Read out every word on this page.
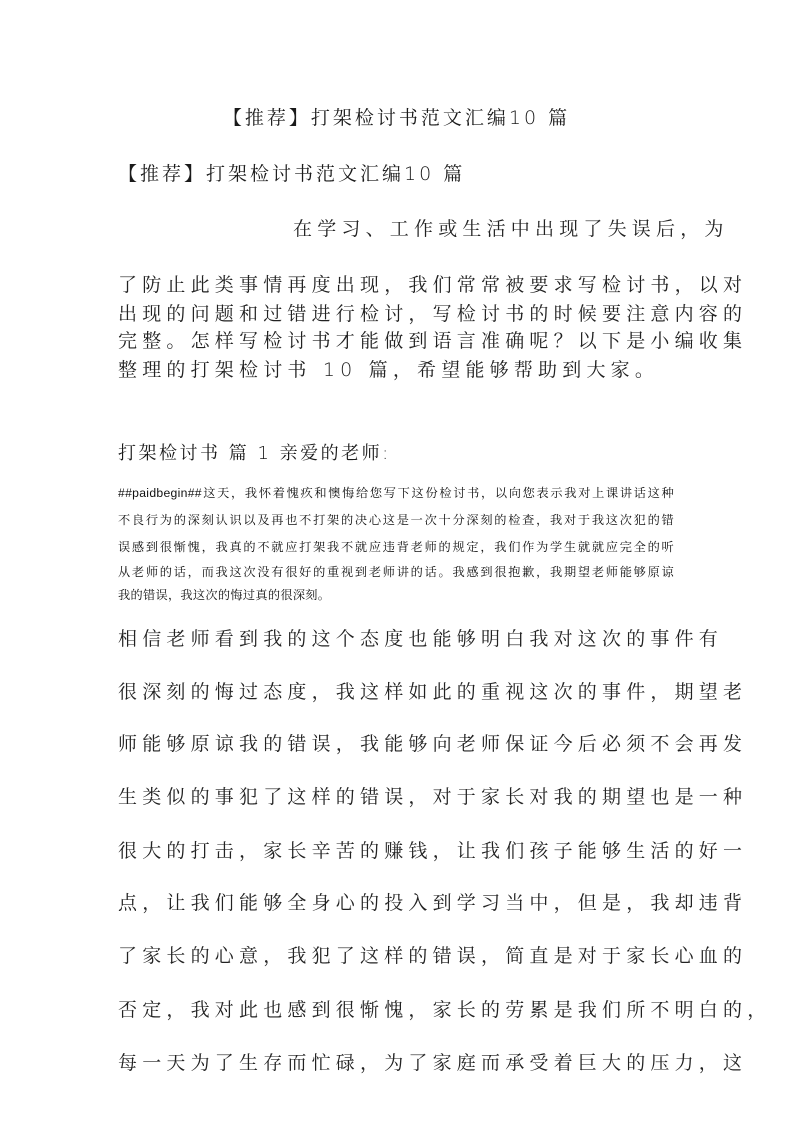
【推荐】打架检讨书范文汇编10 篇
【推荐】打架检讨书范文汇编10 篇
在学习、工作或生活中出现了失误后，为
了防止此类事情再度出现，我们常常被要求写检讨书，以对
出现的问题和过错进行检讨，写检讨书的时候要注意内容的
完整。怎样写检讨书才能做到语言准确呢？以下是小编收集
整理的打架检讨书 10 篇，希望能够帮助到大家。
打架检讨书 篇 1 亲爱的老师:
##paidbegin##这天，我怀着愧疚和懊悔给您写下这份检讨书，以向您表示我对上课讲话这种
不良行为的深刻认识以及再也不打架的决心这是一次十分深刻的检查，我对于我这次犯的错
误感到很惭愧，我真的不就应打架我不就应违背老师的规定，我们作为学生就就应完全的听
从老师的话，而我这次没有很好的重视到老师讲的话。我感到很抱歉，我期望老师能够原谅
我的错误，我这次的悔过真的很深刻。
相信老师看到我的这个态度也能够明白我对这次的事件有
很深刻的悔过态度，我这样如此的重视这次的事件，期望老
师能够原谅我的错误，我能够向老师保证今后必须不会再发
生类似的事犯了这样的错误，对于家长对我的期望也是一种
很大的打击，家长辛苦的赚钱，让我们孩子能够生活的好一
点，让我们能够全身心的投入到学习当中，但是，我却违背
了家长的心意，我犯了这样的错误，简直是对于家长心血的
否定，我对此也感到很惭愧，家长的劳累是我们所不明白的，
每一天为了生存而忙碌，为了家庭而承受着巨大的压力，这
